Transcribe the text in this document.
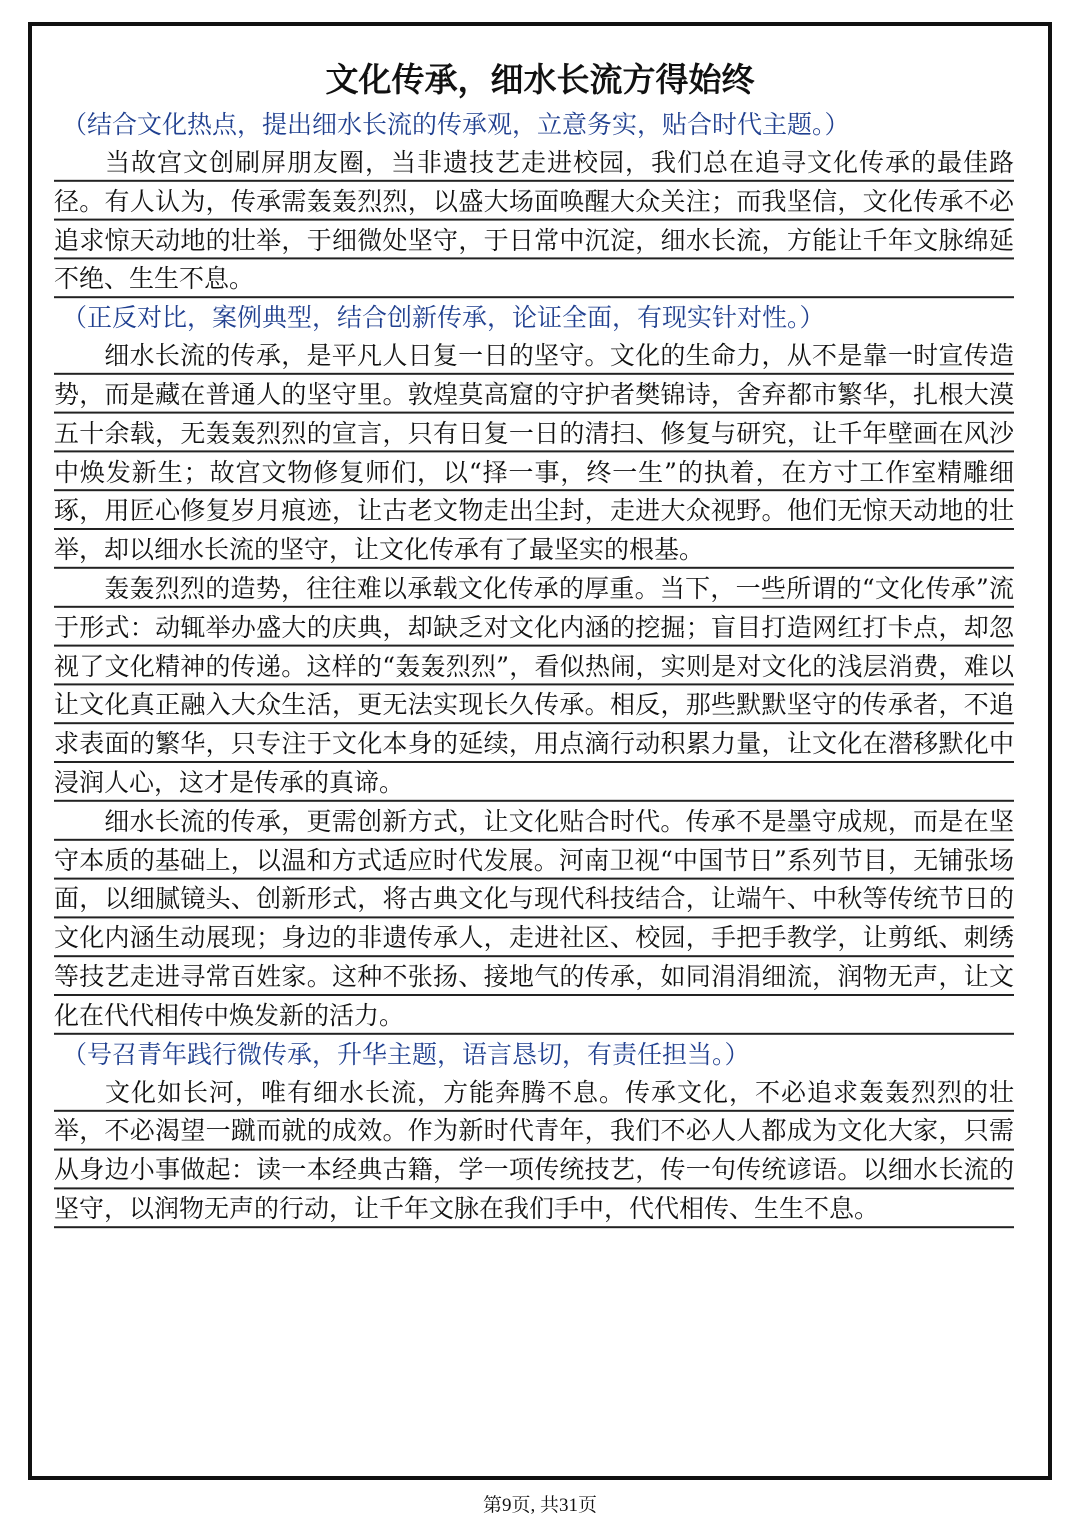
文化传承，细水长流方得始终
（结合文化热点，提出细水长流的传承观，立意务实，贴合时代主题。）

当故宫文创刷屏朋友圈，当非遗技艺走进校园，我们总在追寻文化传承的最佳路径。有人认为，传承需轰轰烈烈，以盛大场面唤醒大众关注；而我坚信，文化传承不必追求惊天动地的壮举，于细微处坚守，于日常中沉淀，细水长流，方能让千年文脉绵延不绝、生生不息。

（正反对比，案例典型，结合创新传承，论证全面，有现实针对性。）

细水长流的传承，是平凡人日复一日的坚守。文化的生命力，从不是靠一时宣传造势，而是藏在普通人的坚守里。敦煌莫高窟的守护者樊锦诗，舍弃都市繁华，扎根大漠五十余载，无轰轰烈烈的宣言，只有日复一日的清扫、修复与研究，让千年壁画在风沙中焕发新生；故宫文物修复师们，以“择一事，终一生”的执着，在方寸工作室精雕细琢，用匠心修复岁月痕迹，让古老文物走出尘封，走进大众视野。他们无惊天动地的壮举，却以细水长流的坚守，让文化传承有了最坚实的根基。

轰轰烈烈的造势，往往难以承载文化传承的厚重。当下，一些所谓的“文化传承”流于形式：动辄举办盛大的庆典，却缺乏对文化内涵的挖掘；盲目打造网红打卡点，却忽视了文化精神的传递。这样的“轰轰烈烈”，看似热闹，实则是对文化的浅层消费，难以让文化真正融入大众生活，更无法实现长久传承。相反，那些默默坚守的传承者，不追求表面的繁华，只专注于文化本身的延续，用点滴行动积累力量，让文化在潜移默化中浸润人心，这才是传承的真谛。

细水长流的传承，更需创新方式，让文化贴合时代。传承不是墨守成规，而是在坚守本质的基础上，以温和方式适应时代发展。河南卫视“中国节日”系列节目，无铺张场面，以细腻镜头、创新形式，将古典文化与现代科技结合，让端午、中秋等传统节日的文化内涵生动展现；身边的非遗传承人，走进社区、校园，手把手教学，让剪纸、刺绣等技艺走进寻常百姓家。这种不张扬、接地气的传承，如同涓涓细流，润物无声，让文化在代代相传中焕发新的活力。

（号召青年践行微传承，升华主题，语言恳切，有责任担当。）

文化如长河，唯有细水长流，方能奔腾不息。传承文化，不必追求轰轰烈烈的壮举，不必渴望一蹴而就的成效。作为新时代青年，我们不必人人都成为文化大家，只需从身边小事做起：读一本经典古籍，学一项传统技艺，传一句传统谚语。以细水长流的坚守，以润物无声的行动，让千年文脉在我们手中，代代相传、生生不息。

第9页, 共31页
